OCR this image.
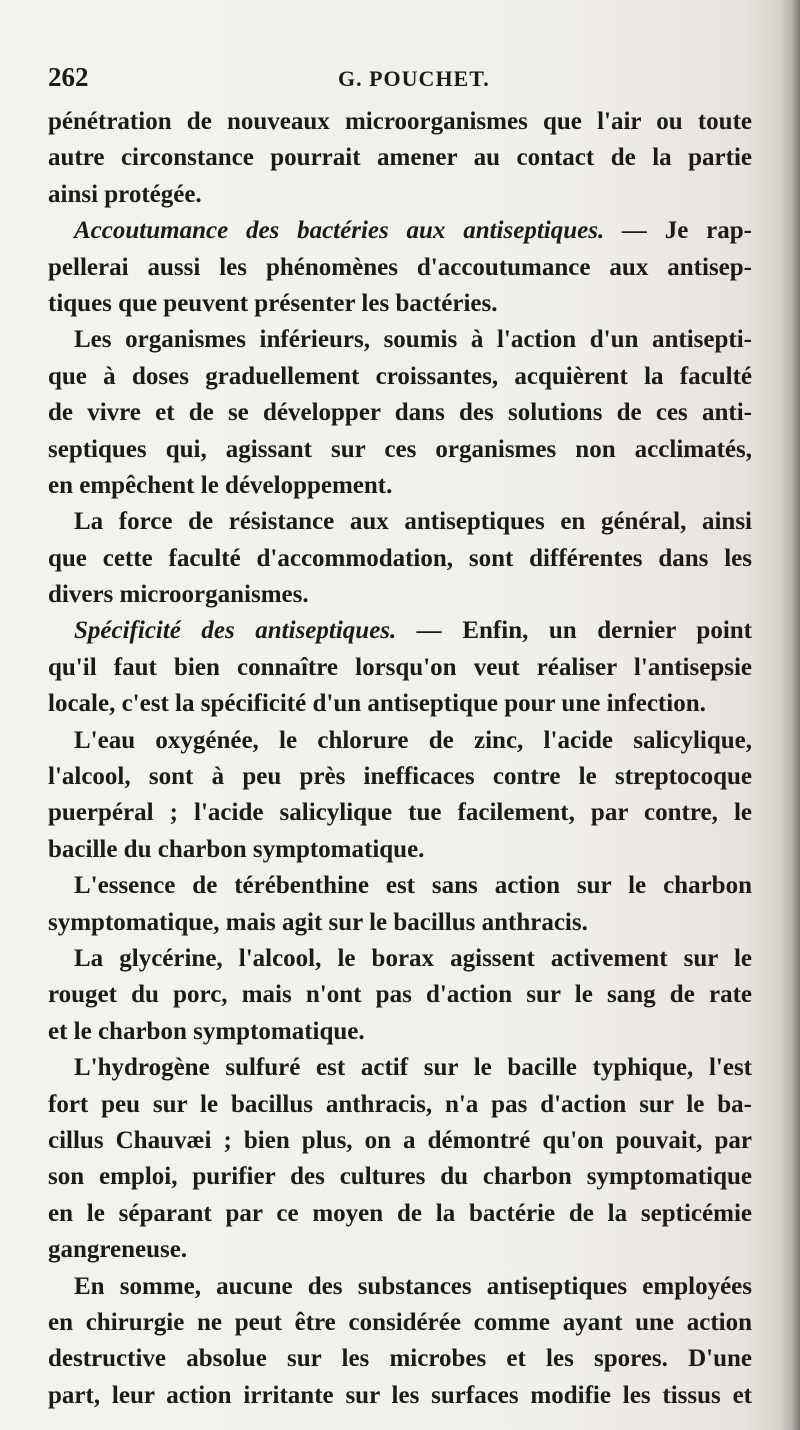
262	G. POUCHET.
pénétration de nouveaux microorganismes que l'air ou toute
autre circonstance pourrait amener au contact de la partie
ainsi protégée.
Accoutumance des bactéries aux antiseptiques. — Je rap-
pellerai aussi les phénomènes d'accoutumance aux antisep-
tiques que peuvent présenter les bactéries.
Les organismes inférieurs, soumis à l'action d'un antisepti-
que à doses graduellement croissantes, acquièrent la faculté
de vivre et de se développer dans des solutions de ces anti-
septiques qui, agissant sur ces organismes non acclimatés,
en empêchent le développement.
La force de résistance aux antiseptiques en général, ainsi
que cette faculté d'accommodation, sont différentes dans les
divers microorganismes.
Spécificité des antiseptiques. — Enfin, un dernier point
qu'il faut bien connaître lorsqu'on veut réaliser l'antisepsie
locale, c'est la spécificité d'un antiseptique pour une infection.
L'eau oxygénée, le chlorure de zinc, l'acide salicylique,
l'alcool, sont à peu près inefficaces contre le streptocoque
puerpéral ; l'acide salicylique tue facilement, par contre, le
bacille du charbon symptomatique.
L'essence de térébenthine est sans action sur le charbon
symptomatique, mais agit sur le bacillus anthracis.
La glycérine, l'alcool, le borax agissent activement sur le
rouget du porc, mais n'ont pas d'action sur le sang de rate
et le charbon symptomatique.
L'hydrogène sulfuré est actif sur le bacille typhique, l'est
fort peu sur le bacillus anthracis, n'a pas d'action sur le ba-
cillus Chauvæi ; bien plus, on a démontré qu'on pouvait, par
son emploi, purifier des cultures du charbon symptomatique
en le séparant par ce moyen de la bactérie de la septicémie
gangreneuse.
En somme, aucune des substances antiseptiques employées
en chirurgie ne peut être considérée comme ayant une action
destructive absolue sur les microbes et les spores. D'une
part, leur action irritante sur les surfaces modifie les tissus et
